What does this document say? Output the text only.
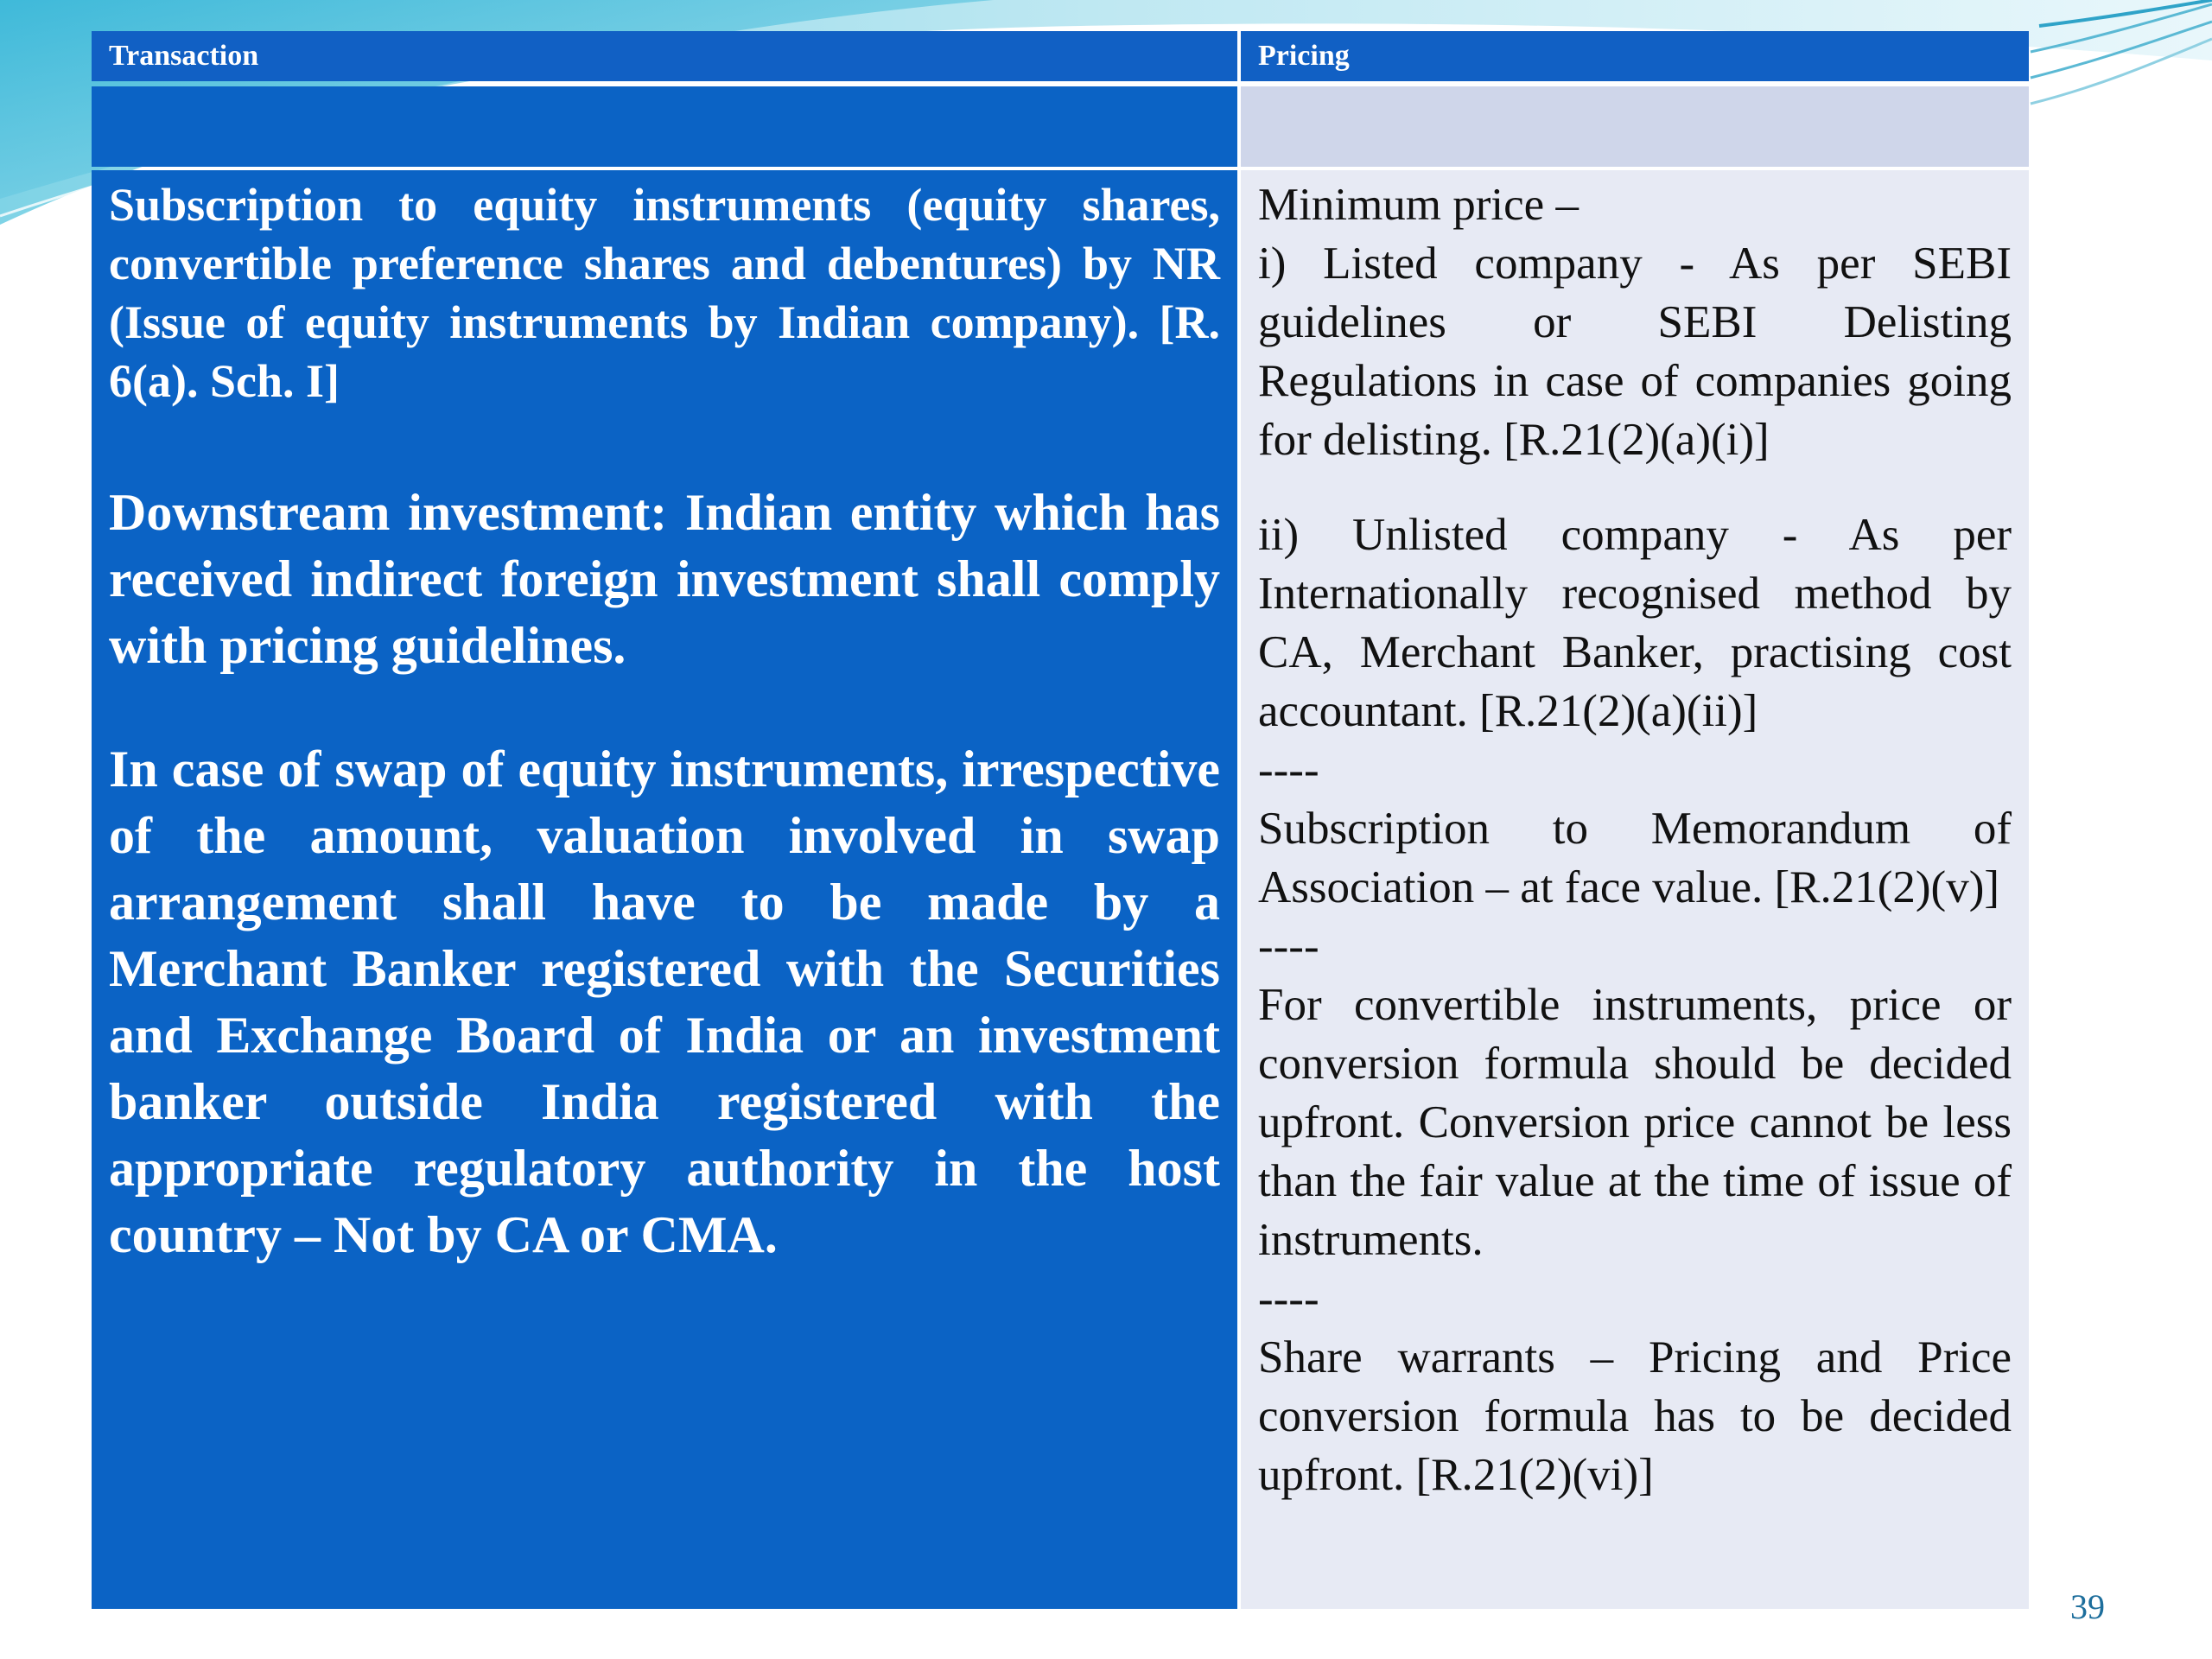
Transaction	Pricing

Subscription to equity instruments (equity shares, convertible preference shares and debentures) by NR (Issue of equity instruments by Indian company). [R. 6(a). Sch. I]

Downstream investment: Indian entity which has received indirect foreign investment shall comply with pricing guidelines.

In case of swap of equity instruments, irrespective of the amount, valuation involved in swap arrangement shall have to be made by a Merchant Banker registered with the Securities and Exchange Board of India or an investment banker outside India registered with the appropriate regulatory authority in the host country – Not by CA or CMA.

Minimum price –

i) Listed company - As per SEBI guidelines or SEBI Delisting Regulations in case of companies going for delisting. [R.21(2)(a)(i)]

ii) Unlisted company - As per Internationally recognised method by CA, Merchant Banker, practising cost accountant. [R.21(2)(a)(ii)]

----

Subscription to Memorandum of Association – at face value. [R.21(2)(v)]

----

For convertible instruments, price or conversion formula should be decided upfront. Conversion price cannot be less than the fair value at the time of issue of instruments.

----

Share warrants – Pricing and Price conversion formula has to be decided upfront. [R.21(2)(vi)]

39
